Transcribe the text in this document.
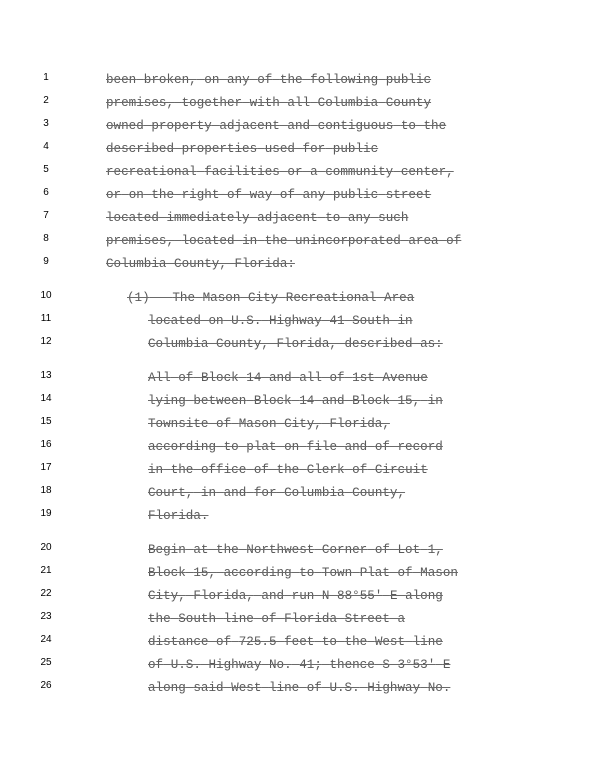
1	been broken, on any of the following public
2	premises, together with all Columbia County
3	owned property adjacent and contiguous to the
4	described properties used for public
5	recreational facilities or a community center,
6	or on the right-of-way of any public street
7	located immediately adjacent to any such
8	premises, located in the unincorporated area of
9	Columbia County, Florida:
10	(1) The Mason City Recreational Area
11	located on U.S. Highway 41 South in
12	Columbia County, Florida, described as:
13	All of Block 14 and all of 1st Avenue
14	lying between Block 14 and Block 15, in
15	Townsite of Mason City, Florida,
16	according to plat on file and of record
17	in the office of the Clerk of Circuit
18	Court, in and for Columbia County,
19	Florida.
20	Begin at the Northwest Corner of Lot 1,
21	Block 15, according to Town Plat of Mason
22	City, Florida, and run N 88°55′ E along
23	the South line of Florida Street a
24	distance of 725.5 feet to the West line
25	of U.S. Highway No. 41; thence S 3°53′ E
26	along said West line of U.S. Highway No.
